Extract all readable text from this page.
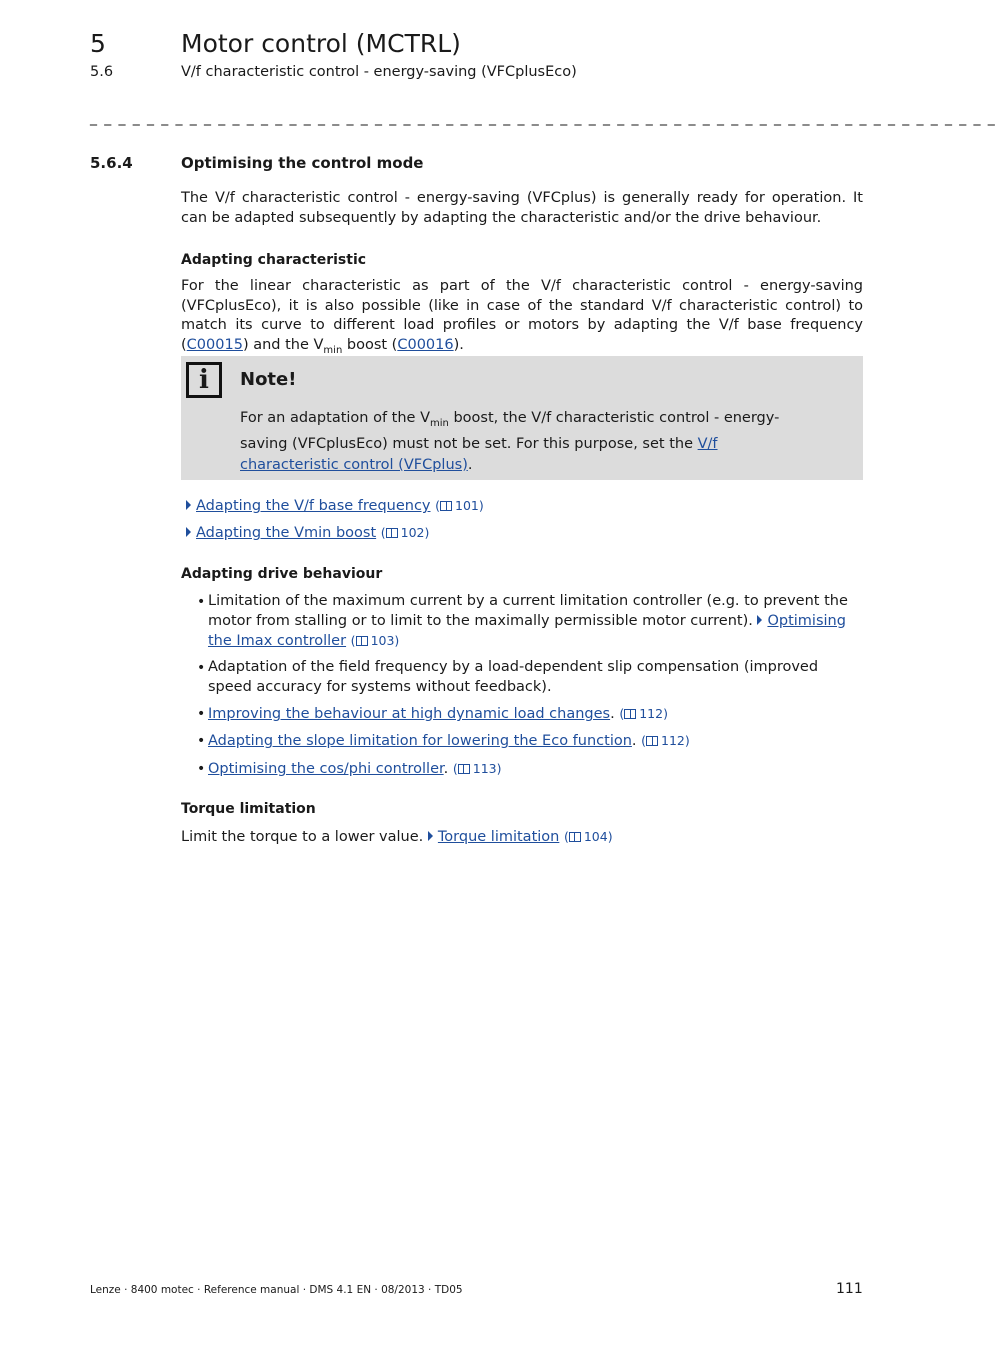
5	Motor control (MCTRL)
5.6	V/f characteristic control - energy-saving (VFCplusEco)
_ _ _ _ _ _ _ _ _ _ _ _ _ _ _ _ _ _ _ _ _ _ _ _ _ _ _ _ _ _ _ _ _ _ _ _ _ _ _ _ _ _ _ _ _ _ _ _ _ _ _ _ _ _ _ _ _ _ _ _ _ _ _ _
5.6.4	Optimising the control mode
The V/f characteristic control - energy-saving (VFCplus) is generally ready for operation. It can be adapted subsequently by adapting the characteristic and/or the drive behaviour.
Adapting characteristic
For the linear characteristic as part of the V/f characteristic control - energy-saving (VFCplusEco), it is also possible (like in case of the standard V/f characteristic control) to match its curve to different load profiles or motors by adapting the V/f base frequency (C00015) and the $V_{min}$ boost (C00016).
i	Note!
For an adaptation of the $V_{min}$ boost, the V/f characteristic control - energy-saving (VFCplusEco) must not be set. For this purpose, set the V/f characteristic control (VFCplus).
Adapting the V/f base frequency ( 101)
Adapting the Vmin boost ( 102)
Adapting drive behaviour
• Limitation of the maximum current by a current limitation controller (e.g. to prevent the motor from stalling or to limit to the maximally permissible motor current). Optimising the Imax controller ( 103)
• Adaptation of the field frequency by a load-dependent slip compensation (improved speed accuracy for systems without feedback).
• Improving the behaviour at high dynamic load changes. ( 112)
• Adapting the slope limitation for lowering the Eco function. ( 112)
• Optimising the cos/phi controller. ( 113)
Torque limitation
Limit the torque to a lower value. Torque limitation ( 104)
Lenze · 8400 motec · Reference manual · DMS 4.1 EN · 08/2013 · TD05	111
